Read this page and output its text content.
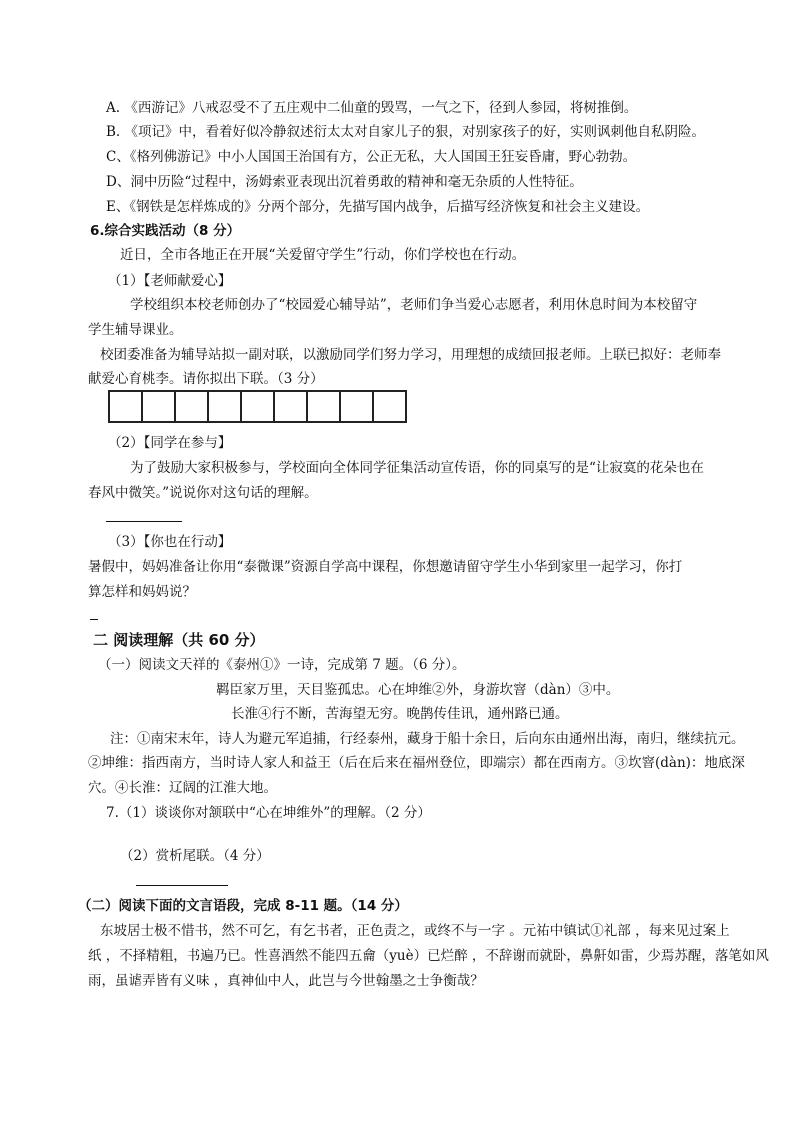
A. 《西游记》八戒忍受不了五庄观中二仙童的毁骂，一气之下，径到人参园，将树推倒。
B. 《项记》中，看着好似冷静叙述衍太太对自家儿子的狠，对别家孩子的好，实则讽刺他自私阴险。
C、《格列佛游记》中小人国国王治国有方，公正无私，大人国国王狂妄昏庸，野心勃勃。
D、洞中历险“过程中，汤姆索亚表现出沉着勇敢的精神和毫无杂质的人性特征。
E、《钢铁是怎样炼成的》分两个部分，先描写国内战争，后描写经济恢复和社会主义建设。
6.综合实践活动（8 分）
近日，全市各地正在开展“关爱留守学生”行动，你们学校也在行动。
（1）【老师献爱心】
学校组织本校老师创办了“校园爱心辅导站”，老师们争当爱心志愿者，利用休息时间为本校留守
学生辅导课业。
校团委准备为辅导站拟一副对联，以激励同学们努力学习，用理想的成绩回报老师。上联已拟好：老师奉
献爱心育桃李。请你拟出下联。（3 分）
（2）【同学在参与】
为了鼓励大家积极参与，学校面向全体同学征集活动宣传语，你的同桌写的是“让寂寞的花朵也在
春风中微笑。”说说你对这句话的理解。
（3）【你也在行动】
暑假中，妈妈准备让你用“泰微课”资源自学高中课程，你想邀请留守学生小华到家里一起学习，你打
算怎样和妈妈说？
二 阅读理解（共 60 分）
（一）阅读文天祥的《泰州①》一诗，完成第 7 题。（6 分）。
羁臣家万里，天目鉴孤忠。心在坤维②外，身游坎窨（dàn）③中。
长淮④行不断，苦海望无穷。晚鹊传佳讯，通州路已通。
注：①南宋末年，诗人为避元军追捕，行经泰州，藏身于船十余日，后向东由通州出海，南归，继续抗元。
②坤维：指西南方，当时诗人家人和益王（后在后来在福州登位，即端宗）都在西南方。③坎窨(dàn)：地底深
穴。④长淮：辽阔的江淮大地。
7.（1）谈谈你对颔联中“心在坤维外”的理解。（2 分）
（2）赏析尾联。（4 分）
（二）阅读下面的文言语段，完成 8-11 题。（14 分）
东坡居士极不惜书，然不可乞，有乞书者，正色责之，或终不与一字 。元祐中镇试①礼部 ，每来见过案上
纸 ，不择精粗，书遍乃已。性喜酒然不能四五龠（yuè）已烂醉 ，不辞谢而就卧，鼻鼾如雷，少焉苏醒，落笔如风
雨，虽谑弄皆有义味 ，真神仙中人，此岂与今世翰墨之士争衡哉？
